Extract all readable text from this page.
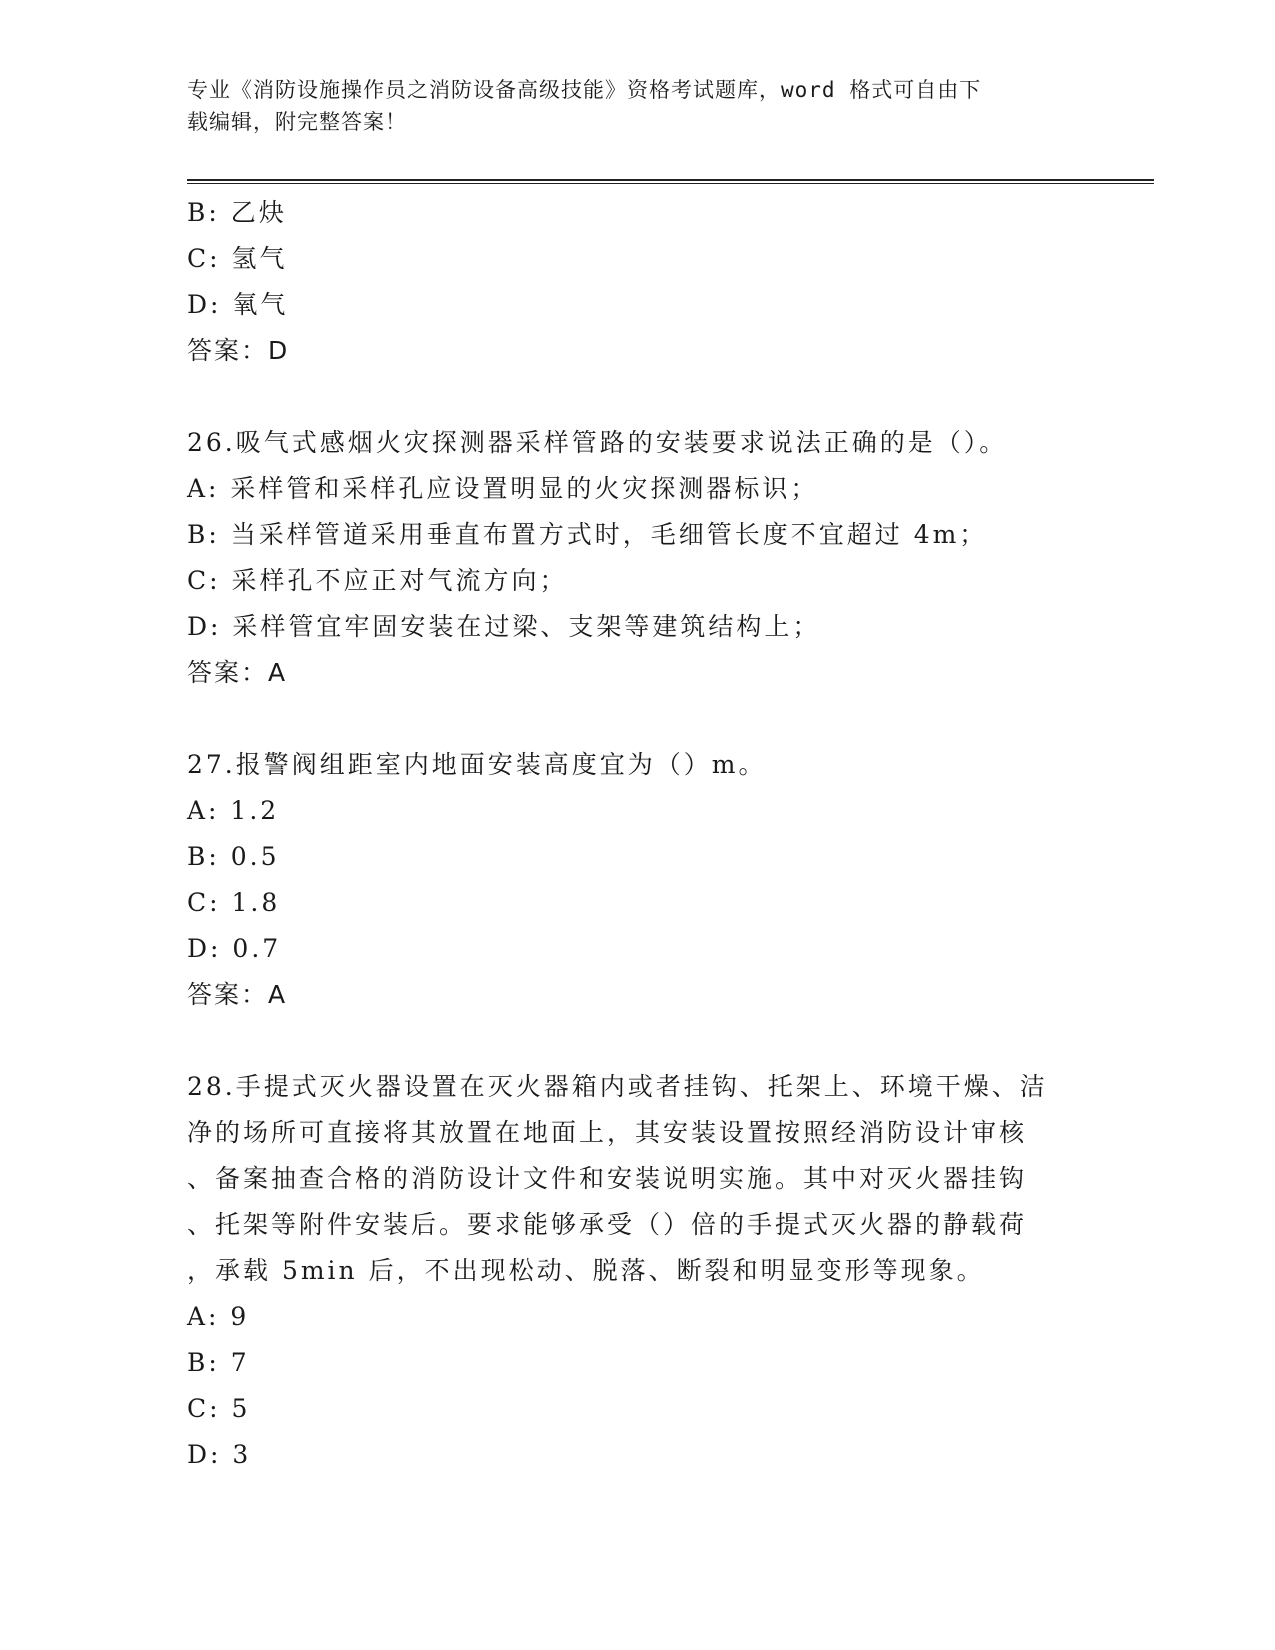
专业《消防设施操作员之消防设备高级技能》资格考试题库，word 格式可自由下
载编辑，附完整答案！
B: 乙炔
C: 氢气
D: 氧气
答案：D
26.吸气式感烟火灾探测器采样管路的安装要求说法正确的是（）。
A: 采样管和采样孔应设置明显的火灾探测器标识；
B: 当采样管道采用垂直布置方式时，毛细管长度不宜超过 4m；
C: 采样孔不应正对气流方向；
D: 采样管宜牢固安装在过梁、支架等建筑结构上；
答案：A
27.报警阀组距室内地面安装高度宜为（）m。
A: 1.2
B: 0.5
C: 1.8
D: 0.7
答案：A
28.手提式灭火器设置在灭火器箱内或者挂钩、托架上、环境干燥、洁
净的场所可直接将其放置在地面上，其安装设置按照经消防设计审核
、备案抽查合格的消防设计文件和安装说明实施。其中对灭火器挂钩
、托架等附件安装后。要求能够承受（）倍的手提式灭火器的静载荷
，承载 5min 后，不出现松动、脱落、断裂和明显变形等现象。
A: 9
B: 7
C: 5
D: 3
